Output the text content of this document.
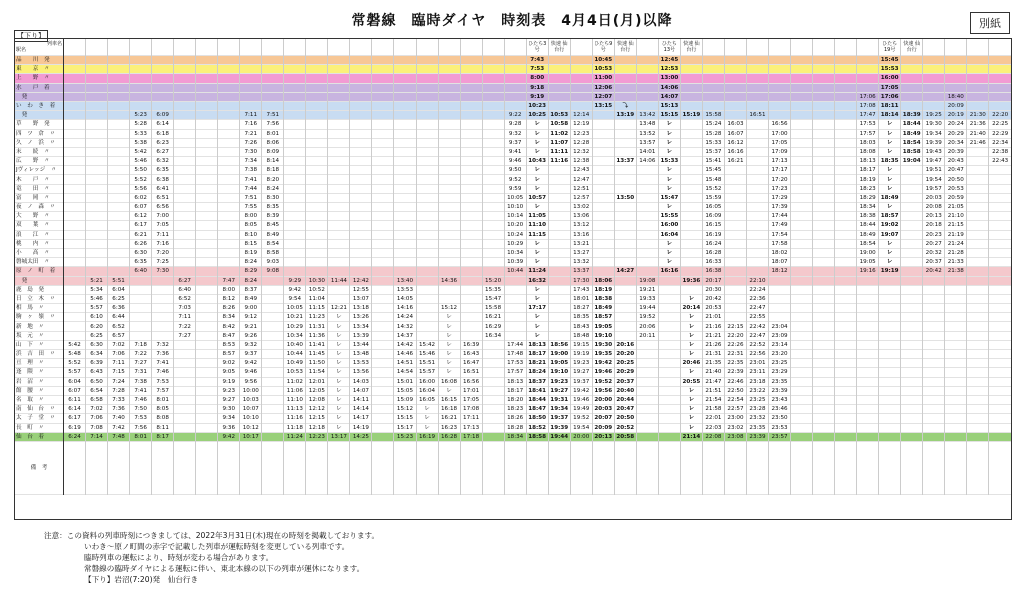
常磐線　臨時ダイヤ　時刻表　4月4日(月)以降	別紙
【下り】
列車名
駅名																						ひたち3号	快速 仙台行		ひたち9号	快速 仙台行		ひたち13号	快速 仙台行									ひたち19号	快速 仙台行				
品　　川　発																						7:43			10:45			12:45										15:45					
東　　京　〃																						7:53			10:53			12:53										15:53					
上　　野　〃																						8:00			11:00			13:00										16:00					
水　　戸　着																						9:18			12:06			14:06										17:05					
　発																						9:19			12:07			14:07									17:06	17:06			18:40		
い　わ　き　着																						10:23			13:15	⤵		15:13									17:08	18:11			20:09		
　発				5:23	6:09				7:11	7:51											9:22	10:25	10:53	12:14		13:19	13:42	15:15	15:19	15:58		16:51					17:47	18:14	18:39	19:25	20:19	21:30	22:20
草　　野　発				5:28	6:14				7:16	7:56											9:28	レ	10:58	12:19			13:48	レ		15:24	16:03		16:56				17:53	レ	18:44	19:30	20:24	21:36	22:25
四　ツ　倉　〃				5:33	6:18				7:21	8:01											9:32	レ	11:02	12:23			13:52	レ		15:28	16:07		17:00				17:57	レ	18:49	19:34	20:29	21:40	22:29
久　ノ　浜　〃				5:38	6:23				7:26	8:06											9:37	レ	11:07	12:28			13:57	レ		15:33	16:12		17:05				18:03	レ	18:54	19:39	20:34	21:46	22:34
末　　続　〃				5:42	6:27				7:30	8:09											9:41	レ	11:11	12:32			14:01	レ		15:37	16:16		17:09				18:08	レ	18:58	19:43	20:39		22:38
広　　野　〃				5:46	6:32				7:34	8:14											9:46	10:43	11:16	12:38		13:37	14:06	15:33		15:41	16:21		17:13				18:13	18:35	19:04	19:47	20:43		22:43
Jヴィレッジ　〃				5:50	6:35				7:38	8:18											9:50	レ		12:43				レ		15:45			17:17				18:17	レ		19:51	20:47		
木　　戸　〃				5:52	6:38				7:41	8:20											9:52	レ		12:47				レ		15:48			17:20				18:19	レ		19:54	20:50		
竜　　田　〃				5:56	6:41				7:44	8:24											9:59	レ		12:51				レ		15:52			17:23				18:23	レ		19:57	20:53		
富　　岡　〃				6:02	6:51				7:51	8:30											10:05	10:57		12:57		13:50		15:47		15:59			17:29				18:29	18:49		20:03	20:59		
夜　ノ　森　〃				6:07	6:56				7:55	8:35											10:10	レ		13:02				レ		16:05			17:39				18:34	レ		20:08	21:05		
大　　野　〃				6:12	7:00				8:00	8:39											10:14	11:05		13:06				15:55		16:09			17:44				18:38	18:57		20:13	21:10		
双　　葉　〃				6:17	7:05				8:05	8:45											10:20	11:10		13:12				16:00		16:15			17:49				18:44	19:02		20:18	21:15		
浪　　江　〃				6:21	7:11				8:10	8:49											10:24	11:15		13:16				16:04		16:19			17:54				18:49	19:07		20:23	21:19		
桃　　内　〃				6:26	7:16				8:15	8:54											10:29	レ		13:21				レ		16:24			17:58				18:54	レ		20:27	21:24		
小　　高　〃				6:30	7:20				8:19	8:58											10:34	レ		13:27				レ		16:28			18:02				19:00	レ		20:32	21:28		
磐城太田　〃				6:35	7:25				8:24	9:03											10:39	レ		13:32				レ		16:33			18:07				19:05	レ		20:37	21:33		
原　ノ　町　着				6:40	7:30				8:29	9:08											10:44	11:24		13:37		14:27		16:16		16:38			18:12				19:16	19:19		20:42	21:38		
　発		5:21	5:51			6:27		7:47	8:24		9:29	10:30	11:44	12:42		13:40		14:36		15:20		16:32		17:30	18:06		19:08		19:36	20:17		22:10											
鹿　島　発		5:34	6:04			6:40		8:00	8:37		9:42	10:52		12:55		13:53				15:35		レ		17:43	18:19		19:21			20:30		22:24											
日　立　木　〃		5:46	6:25			6:52		8:12	8:49		9:54	11:04		13:07		14:05				15:47		レ		18:01	18:38		19:33		レ	20:42		22:36											
相　馬　〃		5:57	6:36			7:03		8:26	9:00		10:05	11:15	12:21	13:18		14:16		15:12		15:58		17:17		18:27	18:49		19:44		20:14	20:53		22:47											
駒　ヶ　嶺　〃		6:10	6:44			7:11		8:34	9:12		10:21	11:23	レ	13:26		14:24		レ		16:21		レ		18:35	18:57		19:52		レ	21:01		22:55											
新　地　〃		6:20	6:52			7:22		8:42	9:21		10:29	11:31	レ	13:34		14:32		レ		16:29		レ		18:43	19:05		20:06		レ	21:16	22:15	22:42	23:04										
坂　元　〃		6:25	6:57			7:27		8:47	9:26		10:34	11:36	レ	13:39		14:37		レ		16:34		レ		18:48	19:10		20:11		レ	21:21	22:20	22:47	23:09										
山　下　〃	5:42	6:30	7:02	7:18	7:32			8:53	9:32		10:40	11:41	レ	13:44		14:42	15:42	レ	16:39		17:44	18:13	18:56	19:15	19:30	20:16			レ	21:26	22:26	22:52	23:14										
浜　吉　田　〃	5:48	6:34	7:06	7:22	7:36			8:57	9:37		10:44	11:45	レ	13:48		14:46	15:46	レ	16:43		17:48	18:17	19:00	19:19	19:35	20:20			レ	21:31	22:31	22:56	23:20										
亘　理　〃	5:52	6:39	7:11	7:27	7:41			9:02	9:42		10:49	11:50	レ	13:53		14:51	15:51	レ	16:47		17:53	18:21	19:05	19:23	19:42	20:25			20:46	21:35	22:35	23:01	23:25										
逢　隈　〃	5:57	6:43	7:15	7:31	7:46			9:05	9:46		10:53	11:54	レ	13:56		14:54	15:57	レ	16:51		17:57	18:24	19:10	19:27	19:46	20:29			レ	21:40	22:39	23:11	23:29										
岩　沼　〃	6:04	6:50	7:24	7:38	7:53			9:19	9:56		11:02	12:01	レ	14:03		15:01	16:00	16:08	16:56		18:13	18:37	19:23	19:37	19:52	20:37			20:55	21:47	22:46	23:18	23:35										
館　腰　〃	6:07	6:54	7:28	7:41	7:57			9:23	10:00		11:06	12:05	レ	14:07		15:05	16:04	レ	17:01		18:17	18:41	19:27	19:42	19:56	20:40			レ	21:51	22:50	23:22	23:39										
名　取　〃	6:11	6:58	7:33	7:46	8:01			9:27	10:03		11:10	12:08	レ	14:11		15:09	16:05	16:15	17:05		18:20	18:44	19:31	19:46	20:00	20:44			レ	21:54	22:54	23:25	23:43										
南　仙　台　〃	6:14	7:02	7:36	7:50	8:05			9:30	10:07		11:13	12:12	レ	14:14		15:12	レ	16:18	17:08		18:23	18:47	19:34	19:49	20:03	20:47			レ	21:58	22:57	23:28	23:46										
太　子　堂　〃	6:17	7:06	7:40	7:53	8:08			9:34	10:10		11:16	12:15	レ	14:17		15:15	レ	16:21	17:11		18:26	18:50	19:37	19:52	20:07	20:50			レ	22:01	23:00	23:32	23:50										
長　町　〃	6:19	7:08	7:42	7:56	8:11			9:36	10:12		11:18	12:18	レ	14:19		15:17	レ	16:23	17:13		18:28	18:52	19:39	19:54	20:09	20:52			レ	22:03	23:02	23:35	23:53										
仙　台　着	6:24	7:14	7:48	8:01	8:17			9:42	10:17		11:24	12:23	13:17	14:25		15:23	16:19	16:28	17:18		18:34	18:58	19:44	20:00	20:13	20:58			21:14	22:08	23:08	23:39	23:57										
備　考																																											
注意：この資料の列車時刻につきましては、2022年3月31日(木)現在の時刻を掲載しております。
いわき～原ノ町間の赤字で記載した列車が運転時刻を変更している列車です。
臨時列車の運転により、時刻が変わる場合があります。
常磐線の臨時ダイヤによる運転に伴い、東北本線の以下の列車が運休になります。
【下り】岩沼(7:20)発　仙台行き
